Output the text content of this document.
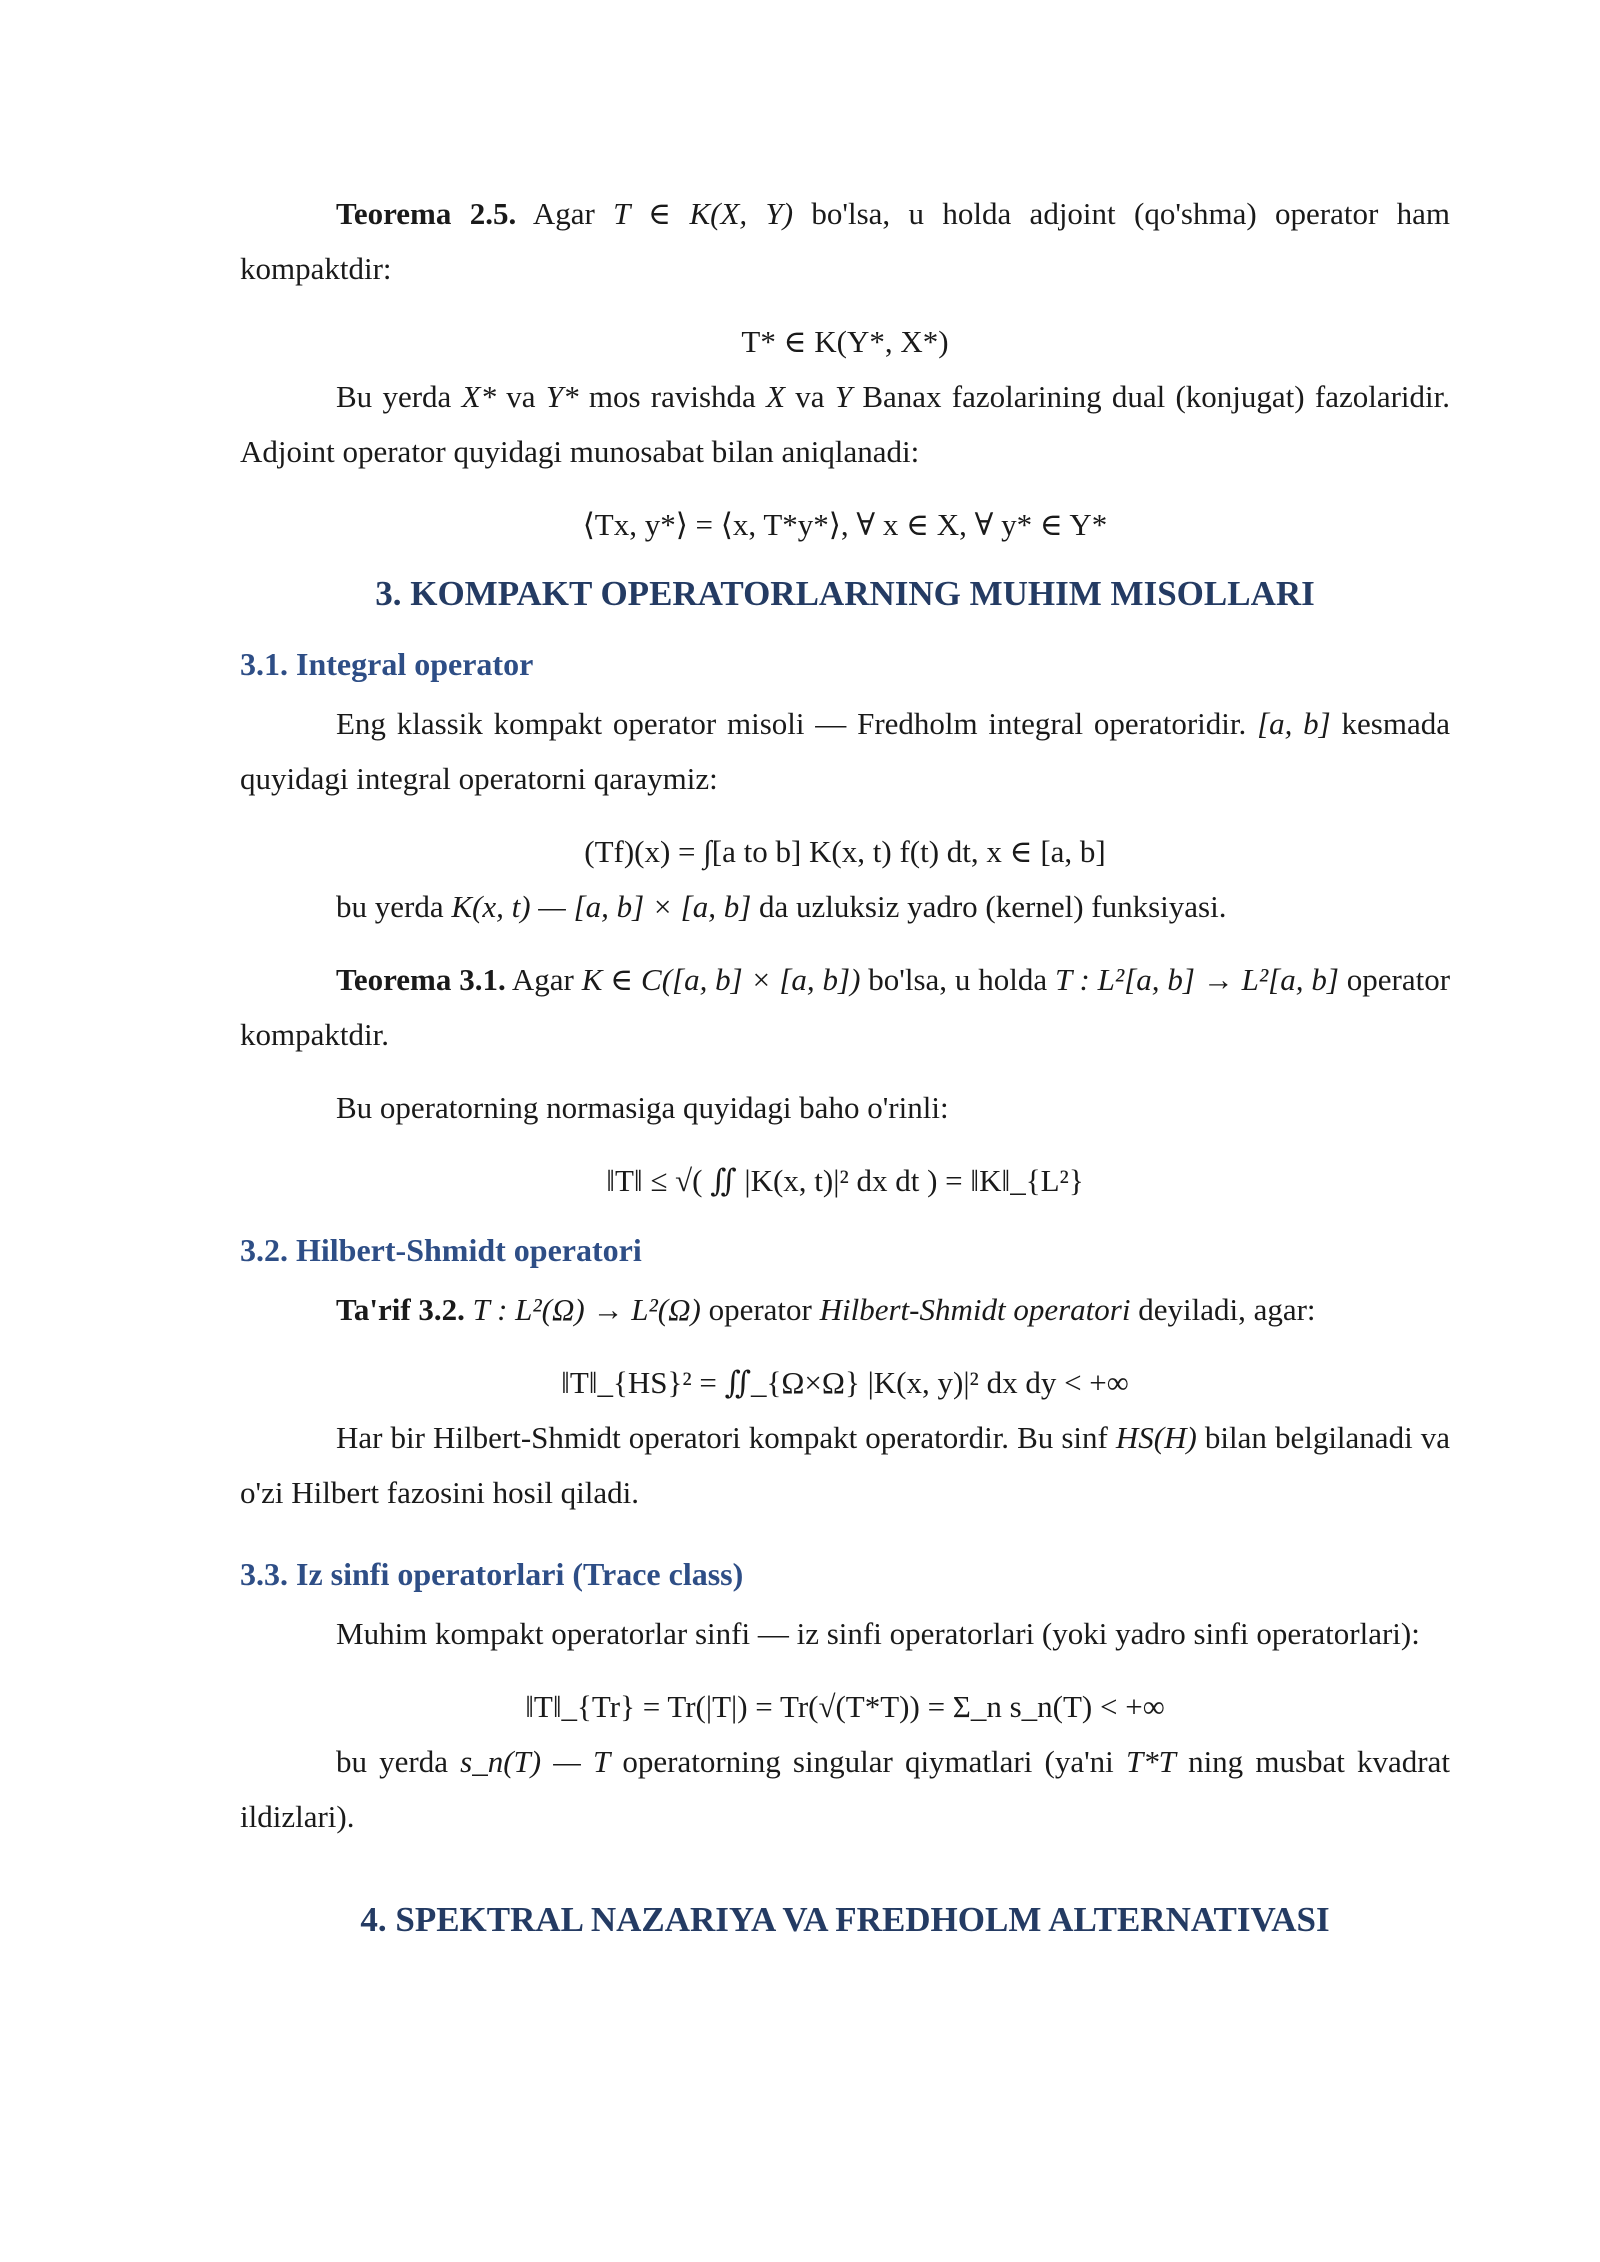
Teorema 2.5. Agar T ∈ K(X, Y) bo'lsa, u holda adjoint (qo'shma) operator ham kompaktdir:

T* ∈ K(Y*, X*)

Bu yerda X* va Y* mos ravishda X va Y Banax fazolarining dual (konjugat) fazolaridir. Adjoint operator quyidagi munosabat bilan aniqlanadi:

⟨Tx, y*⟩ = ⟨x, T*y*⟩, ∀ x ∈ X, ∀ y* ∈ Y*
3. KOMPAKT OPERATORLARNING MUHIM MISOLLARI
3.1. Integral operator

Eng klassik kompakt operator misoli — Fredholm integral operatoridir. [a, b] kesmada quyidagi integral operatorni qaraymiz:

(Tf)(x) = ∫[a to b] K(x, t) f(t) dt, x ∈ [a, b]

bu yerda K(x, t) — [a, b] × [a, b] da uzluksiz yadro (kernel) funksiyasi.

Teorema 3.1. Agar K ∈ C([a, b] × [a, b]) bo'lsa, u holda T : L²[a, b] → L²[a, b] operator kompaktdir.

Bu operatorning normasiga quyidagi baho o'rinli:

‖T‖ ≤ √( ∬ |K(x, t)|² dx dt ) = ‖K‖_{L²}
3.2. Hilbert-Shmidt operatori

Ta'rif 3.2. T : L²(Ω) → L²(Ω) operator Hilbert-Shmidt operatori deyiladi, agar:

‖T‖_{HS}² = ∬_{Ω×Ω} |K(x, y)|² dx dy < +∞

Har bir Hilbert-Shmidt operatori kompakt operatordir. Bu sinf HS(H) bilan belgilanadi va o'zi Hilbert fazosini hosil qiladi.

3.3. Iz sinfi operatorlari (Trace class)

Muhim kompakt operatorlar sinfi — iz sinfi operatorlari (yoki yadro sinfi operatorlari):

‖T‖_{Tr} = Tr(|T|) = Tr(√(T*T)) = Σ_n s_n(T) < +∞

bu yerda s_n(T) — T operatorning singular qiymatlari (ya'ni T*T ning musbat kvadrat ildizlari).

4. SPEKTRAL NAZARIYA VA FREDHOLM ALTERNATIVASI
